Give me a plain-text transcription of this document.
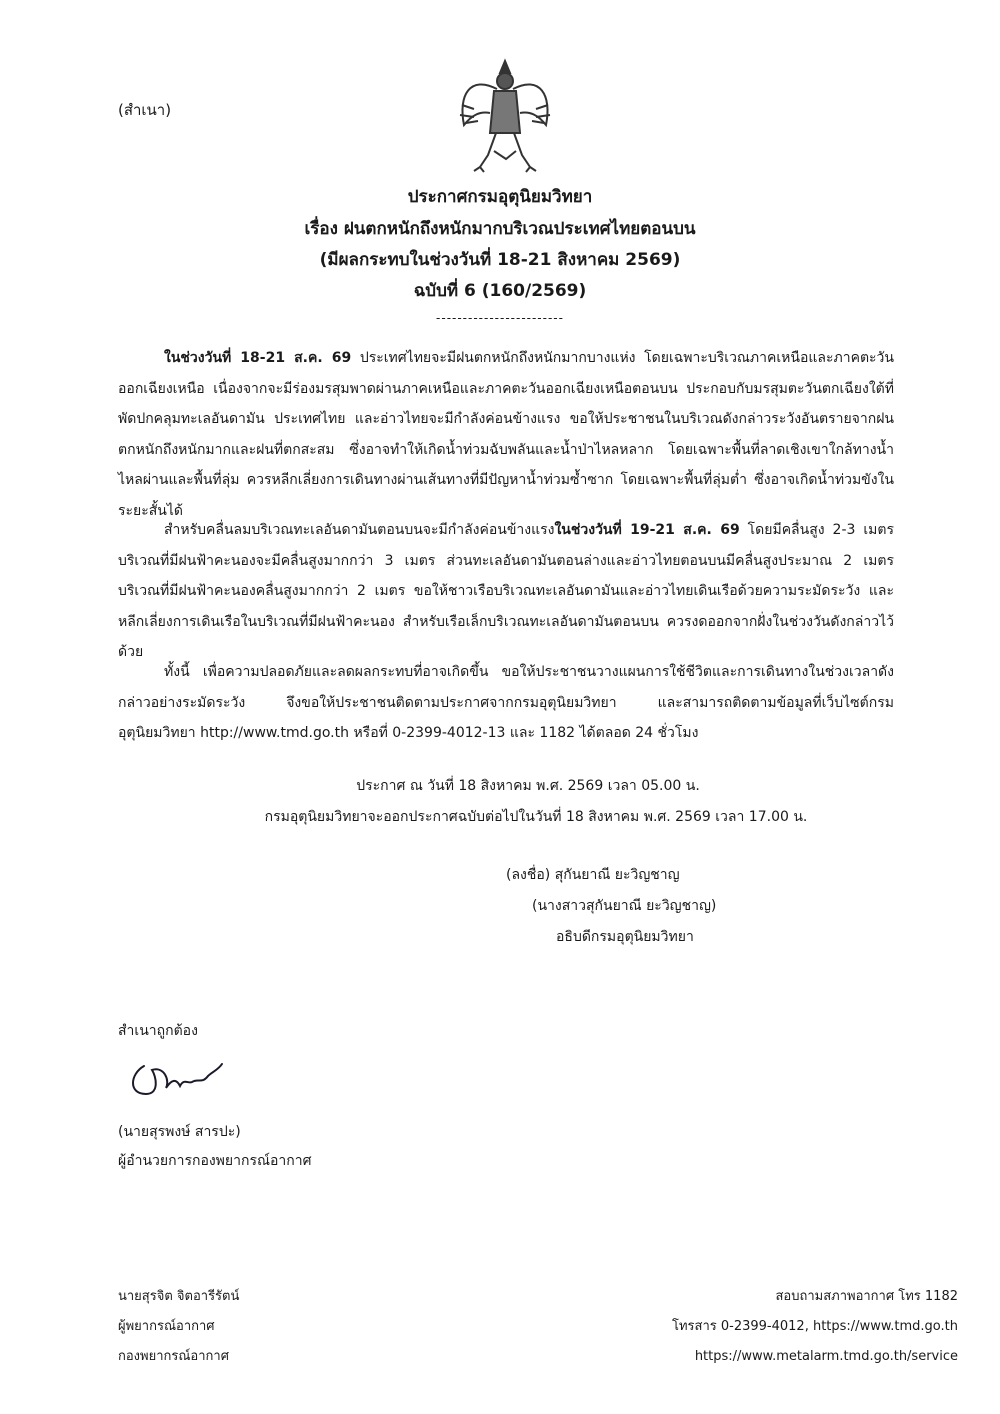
(สำเนา)
ประกาศกรมอุตุนิยมวิทยา
เรื่อง ฝนตกหนักถึงหนักมากบริเวณประเทศไทยตอนบน
(มีผลกระทบในช่วงวันที่ 18-21 สิงหาคม 2569)
ฉบับที่ 6 (160/2569)
------------------------

ในช่วงวันที่ 18-21 ส.ค. 69 ประเทศไทยจะมีฝนตกหนักถึงหนักมากบางแห่ง โดยเฉพาะบริเวณภาคเหนือและภาคตะวันออกเฉียงเหนือ เนื่องจากจะมีร่องมรสุมพาดผ่านภาคเหนือและภาคตะวันออกเฉียงเหนือตอนบน ประกอบกับมรสุมตะวันตกเฉียงใต้ที่พัดปกคลุมทะเลอันดามัน ประเทศไทย และอ่าวไทยจะมีกำลังค่อนข้างแรง ขอให้ประชาชนในบริเวณดังกล่าวระวังอันตรายจากฝนตกหนักถึงหนักมากและฝนที่ตกสะสม ซึ่งอาจทำให้เกิดน้ำท่วมฉับพลันและน้ำป่าไหลหลาก โดยเฉพาะพื้นที่ลาดเชิงเขาใกล้ทางน้ำไหลผ่านและพื้นที่ลุ่ม ควรหลีกเลี่ยงการเดินทางผ่านเส้นทางที่มีปัญหาน้ำท่วมซ้ำซาก โดยเฉพาะพื้นที่ลุ่มต่ำ ซึ่งอาจเกิดน้ำท่วมขังในระยะสั้นได้

สำหรับคลื่นลมบริเวณทะเลอันดามันตอนบนจะมีกำลังค่อนข้างแรงในช่วงวันที่ 19-21 ส.ค. 69 โดยมีคลื่นสูง 2-3 เมตร บริเวณที่มีฝนฟ้าคะนองจะมีคลื่นสูงมากกว่า 3 เมตร ส่วนทะเลอันดามันตอนล่างและอ่าวไทยตอนบนมีคลื่นสูงประมาณ 2 เมตร บริเวณที่มีฝนฟ้าคะนองคลื่นสูงมากกว่า 2 เมตร ขอให้ชาวเรือบริเวณทะเลอันดามันและอ่าวไทยเดินเรือด้วยความระมัดระวัง และหลีกเลี่ยงการเดินเรือในบริเวณที่มีฝนฟ้าคะนอง สำหรับเรือเล็กบริเวณทะเลอันดามันตอนบน ควรงดออกจากฝั่งในช่วงวันดังกล่าวไว้ด้วย

ทั้งนี้ เพื่อความปลอดภัยและลดผลกระทบที่อาจเกิดขึ้น ขอให้ประชาชนวางแผนการใช้ชีวิตและการเดินทางในช่วงเวลาดังกล่าวอย่างระมัดระวัง จึงขอให้ประชาชนติดตามประกาศจากกรมอุตุนิยมวิทยา และสามารถติดตามข้อมูลที่เว็บไซต์กรมอุตุนิยมวิทยา http://www.tmd.go.th หรือที่ 0-2399-4012-13 และ 1182 ได้ตลอด 24 ชั่วโมง

ประกาศ ณ วันที่ 18 สิงหาคม พ.ศ. 2569 เวลา 05.00 น.
กรมอุตุนิยมวิทยาจะออกประกาศฉบับต่อไปในวันที่ 18 สิงหาคม พ.ศ. 2569 เวลา 17.00 น.
(ลงชื่อ) สุกันยาณี ยะวิญชาญ
(นางสาวสุกันยาณี ยะวิญชาญ)
อธิบดีกรมอุตุนิยมวิทยา
สำเนาถูกต้อง
(นายสุรพงษ์ สารปะ)
ผู้อำนวยการกองพยากรณ์อากาศ
นายสุรจิต จิตอารีรัตน์
ผู้พยากรณ์อากาศ
กองพยากรณ์อากาศ
สอบถามสภาพอากาศ โทร 1182
โทรสาร 0-2399-4012, https://www.tmd.go.th
https://www.metalarm.tmd.go.th/service
